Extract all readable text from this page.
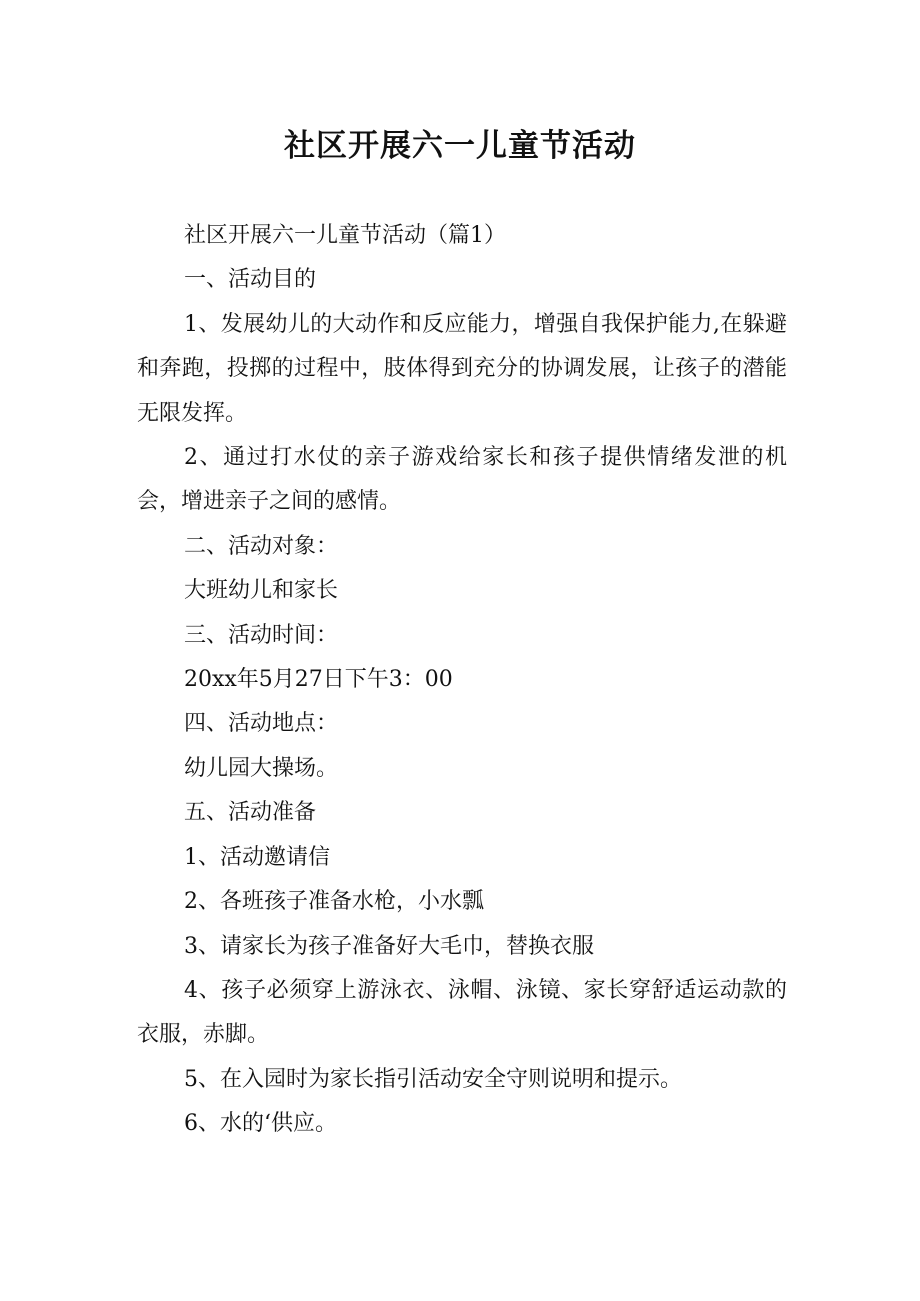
社区开展六一儿童节活动

社区开展六一儿童节活动（篇1）

一、活动目的

1、发展幼儿的大动作和反应能力，增强自我保护能力,在躲避和奔跑，投掷的过程中，肢体得到充分的协调发展，让孩子的潜能无限发挥。

2、通过打水仗的亲子游戏给家长和孩子提供情绪发泄的机会，增进亲子之间的感情。

二、活动对象：

大班幼儿和家长

三、活动时间：

20xx年5月27日下午3：00

四、活动地点：

幼儿园大操场。

五、活动准备

1、活动邀请信

2、各班孩子准备水枪，小水瓢

3、请家长为孩子准备好大毛巾，替换衣服

4、孩子必须穿上游泳衣、泳帽、泳镜、家长穿舒适运动款的衣服，赤脚。

5、在入园时为家长指引活动安全守则说明和提示。

6、水的‘供应。
